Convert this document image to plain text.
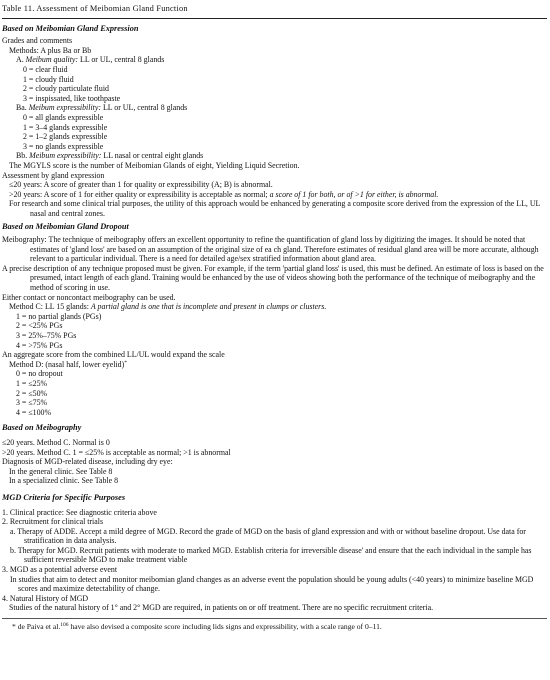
Table 11. Assessment of Meibomian Gland Function
Based on Meibomian Gland Expression
Grades and comments
Methods: A plus Ba or Bb
A. Meibum quality: LL or UL, central 8 glands
0 = clear fluid
1 = cloudy fluid
2 = cloudy particulate fluid
3 = inspissated, like toothpaste
Ba. Meibum expressibility: LL or UL, central 8 glands
0 = all glands expressible
1 = 3–4 glands expressible
2 = 1–2 glands expressible
3 = no glands expressible
Bb. Meibum expressibility: LL nasal or central eight glands
The MGYLS score is the number of Meibomian Glands of eight, Yielding Liquid Secretion.
Assessment by gland expression
≤20 years: A score of greater than 1 for quality or expressibility (A; B) is abnormal.
>20 years: A score of 1 for either quality or expressibility is acceptable as normal; a score of 1 for both, or of >1 for either, is abnormal.
For research and some clinical trial purposes, the utility of this approach would be enhanced by generating a composite score derived from the expression of the LL, UL nasal and central zones.
Based on Meibomian Gland Dropout
Meibography: The technique of meibography offers an excellent opportunity to refine the quantification of gland loss by digitizing the images. It should be noted that estimates of 'gland loss' are based on an assumption of the original size of ea ch gland. Therefore estimates of residual gland area will be more accurate, although relevant to a particular individual. There is a need for detailed age/sex stratified information about gland area.
A precise description of any technique proposed must be given. For example, if the term 'partial gland loss' is used, this must be defined. An estimate of loss is based on the presumed, intact length of each gland. Training would be enhanced by the use of videos showing both the performance of the technique of meibography and the method of scoring in use.
Either contact or noncontact meibography can be used.
Method C: LL 15 glands: A partial gland is one that is incomplete and present in clumps or clusters.
1 = no partial glands (PGs)
2 = <25% PGs
3 = 25%–75% PGs
4 = >75% PGs
An aggregate score from the combined LL/UL would expand the scale
Method D: (nasal half, lower eyelid)*
0 = no dropout
1 = ≤25%
2 = ≤50%
3 = ≤75%
4 = ≤100%
Based on Meibography
≤20 years. Method C. Normal is 0
>20 years. Method C. 1 = ≤25% is acceptable as normal; >1 is abnormal
Diagnosis of MGD-related disease, including dry eye:
In the general clinic. See Table 8
In a specialized clinic. See Table 8
MGD Criteria for Specific Purposes
1. Clinical practice: See diagnostic criteria above
2. Recruitment for clinical trials
a. Therapy of ADDE. Accept a mild degree of MGD. Record the grade of MGD on the basis of gland expression and with or without baseline dropout. Use data for stratification in data analysis.
b. Therapy for MGD. Recruit patients with moderate to marked MGD. Establish criteria for irreversible disease' and ensure that the each individual in the sample has sufficient reversible MGD to make treatment viable
3. MGD as a potential adverse event
In studies that aim to detect and monitor meibomian gland changes as an adverse event the population should be young adults (<40 years) to minimize baseline MGD scores and maximize detectability of change.
4. Natural History of MGD
Studies of the natural history of 1° and 2° MGD are required, in patients on or off treatment. There are no specific recruitment criteria.
* de Paiva et al.$^{106}$ have also devised a composite score including lids signs and expressibility, with a scale range of 0–11.
